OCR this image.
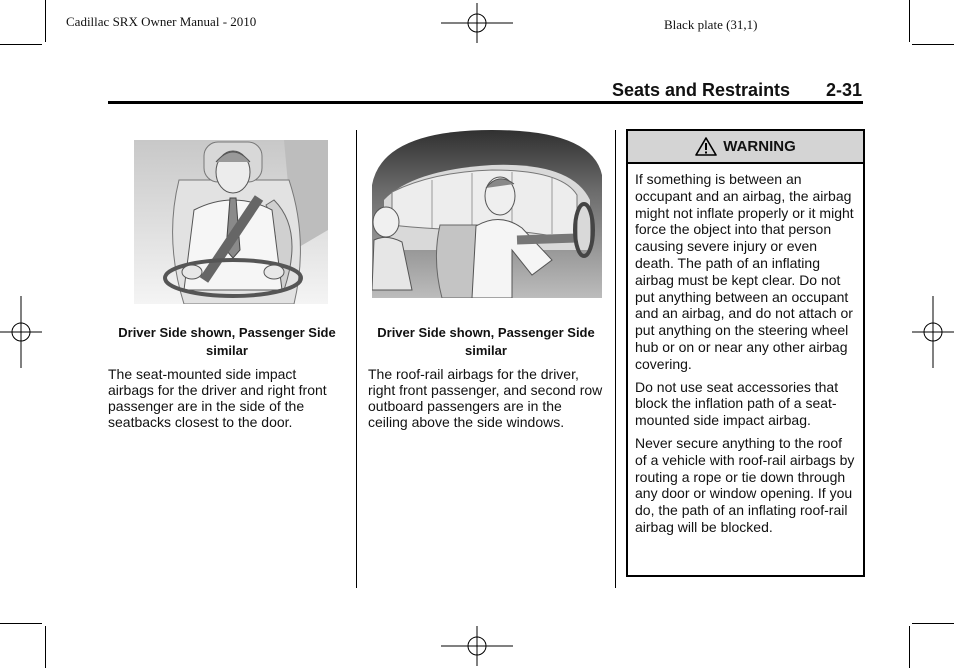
Cadillac SRX Owner Manual - 2010	Black plate (31,1)
Seats and Restraints 2-31
Driver Side shown, Passenger Side similar
The seat-mounted side impact airbags for the driver and right front passenger are in the side of the seatbacks closest to the door.
Driver Side shown, Passenger Side similar
The roof-rail airbags for the driver, right front passenger, and second row outboard passengers are in the ceiling above the side windows.
WARNING

If something is between an occupant and an airbag, the airbag might not inflate properly or it might force the object into that person causing severe injury or even death. The path of an inflating airbag must be kept clear. Do not put anything between an occupant and an airbag, and do not attach or put anything on the steering wheel hub or on or near any other airbag covering.

Do not use seat accessories that block the inflation path of a seat-mounted side impact airbag.

Never secure anything to the roof of a vehicle with roof-rail airbags by routing a rope or tie down through any door or window opening. If you do, the path of an inflating roof-rail airbag will be blocked.
